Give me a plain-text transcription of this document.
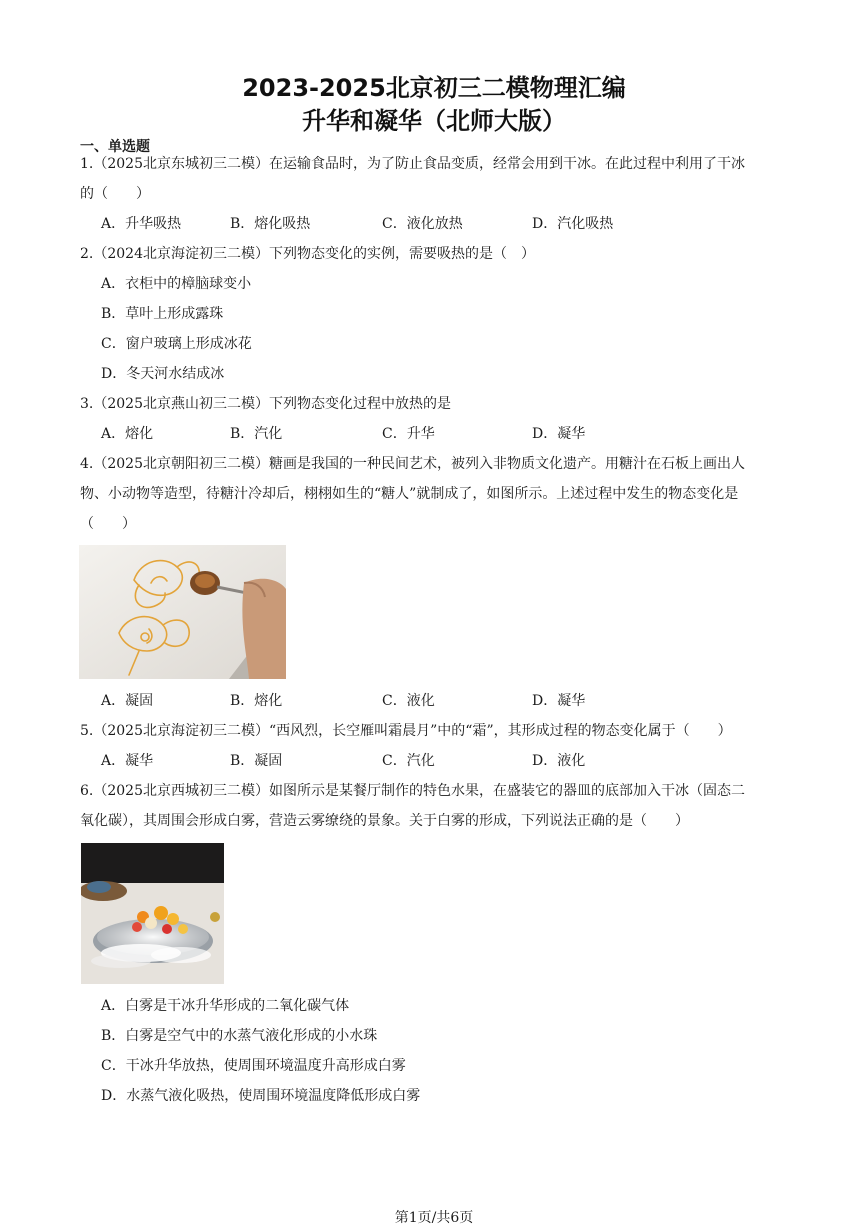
2023-2025北京初三二模物理汇编
升华和凝华（北师大版）
一、单选题
1.（2025北京东城初三二模）在运输食品时，为了防止食品变质，经常会用到干冰。在此过程中利用了干冰
的（　　）
A．升华吸热	B．熔化吸热	C．液化放热	D．汽化吸热
2.（2024北京海淀初三二模）下列物态变化的实例，需要吸热的是（　）
A．衣柜中的樟脑球变小
B．草叶上形成露珠
C．窗户玻璃上形成冰花
D．冬天河水结成冰
3.（2025北京燕山初三二模）下列物态变化过程中放热的是
A．熔化	B．汽化	C．升华	D．凝华
4.（2025北京朝阳初三二模）糖画是我国的一种民间艺术，被列入非物质文化遗产。用糖汁在石板上画出人
物、小动物等造型，待糖汁冷却后，栩栩如生的“糖人”就制成了，如图所示。上述过程中发生的物态变化是
（　　）
A．凝固	B．熔化	C．液化	D．凝华
5.（2025北京海淀初三二模）“西风烈，长空雁叫霜晨月”中的“霜”，其形成过程的物态变化属于（　　）
A．凝华	B．凝固	C．汽化	D．液化
6.（2025北京西城初三二模）如图所示是某餐厅制作的特色水果，在盛装它的器皿的底部加入干冰（固态二
氧化碳），其周围会形成白雾，营造云雾缭绕的景象。关于白雾的形成，下列说法正确的是（　　）
A．白雾是干冰升华形成的二氧化碳气体
B．白雾是空气中的水蒸气液化形成的小水珠
C．干冰升华放热，使周围环境温度升高形成白雾
D．水蒸气液化吸热，使周围环境温度降低形成白雾
第1页/共6页
